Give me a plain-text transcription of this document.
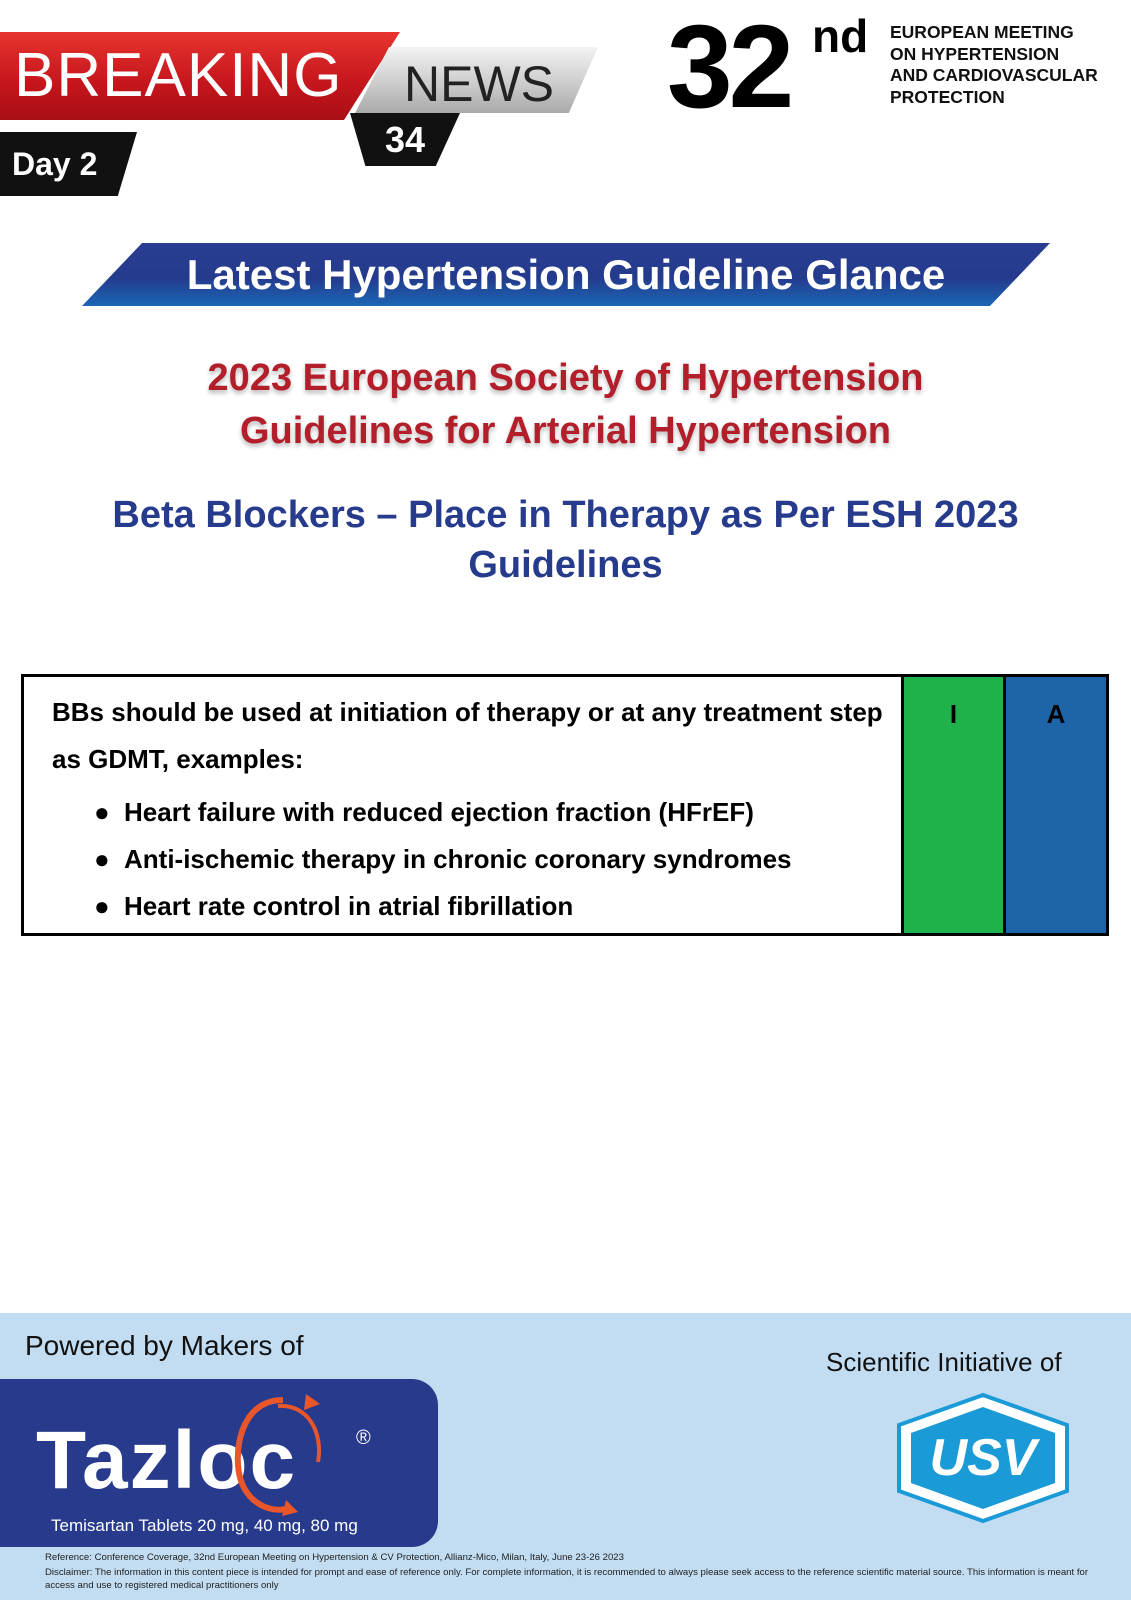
BREAKING NEWS
34
Day 2
32 nd EUROPEAN MEETING
ON HYPERTENSION
AND CARDIOVASCULAR
PROTECTION
Latest Hypertension Guideline Glance
2023 European Society of Hypertension
Guidelines for Arterial Hypertension
Beta Blockers – Place in Therapy as Per ESH 2023
Guidelines
BBs should be used at initiation of therapy or at any treatment step as GDMT, examples:
● Heart failure with reduced ejection fraction (HFrEF)
● Anti-ischemic therapy in chronic coronary syndromes
● Heart rate control in atrial fibrillation
I	A
Powered by Makers of
Tazloc	®
Temisartan Tablets 20 mg, 40 mg, 80 mg
Scientific Initiative of
USV
Reference: Conference Coverage, 32nd European Meeting on Hypertension & CV Protection, Allianz-Mico, Milan, Italy, June 23-26 2023
Disclaimer: The information in this content piece is intended for prompt and ease of reference only. For complete information, it is recommended to always please seek access to the reference scientific material source. This information is meant for access and use to registered medical practitioners only
